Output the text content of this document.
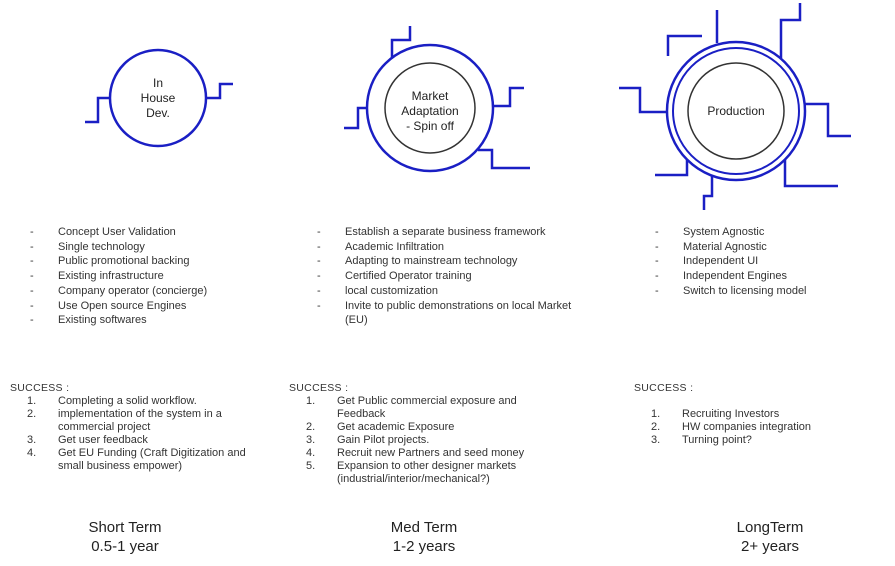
In
House
Dev.
Market
Adaptation
- Spin off
Production
- Concept User Validation
- Single technology
- Public promotional backing
- Existing infrastructure
- Company operator (concierge)
- Use Open source Engines
- Existing softwares
- Establish a separate business framework
- Academic Infiltration
- Adapting to mainstream technology
- Certified Operator training
- local customization
- Invite to public demonstrations on local Market (EU)
- System Agnostic
- Material Agnostic
- Independent UI
- Independent Engines
- Switch to licensing model
SUCCESS :	SUCCESS :	SUCCESS :
1. Completing a solid workflow.
2. implementation of the system in a commercial project
3. Get user feedback
4. Get EU Funding (Craft Digitization and small business empower)
1. Get Public commercial exposure and Feedback
2. Get academic Exposure
3. Gain Pilot projects.
4. Recruit new Partners and seed money
5. Expansion to other designer markets (industrial/interior/mechanical?)
1. Recruiting Investors
2. HW companies integration
3. Turning point?
Short Term
0.5-1 year
Med Term
1-2 years
LongTerm
2+ years
